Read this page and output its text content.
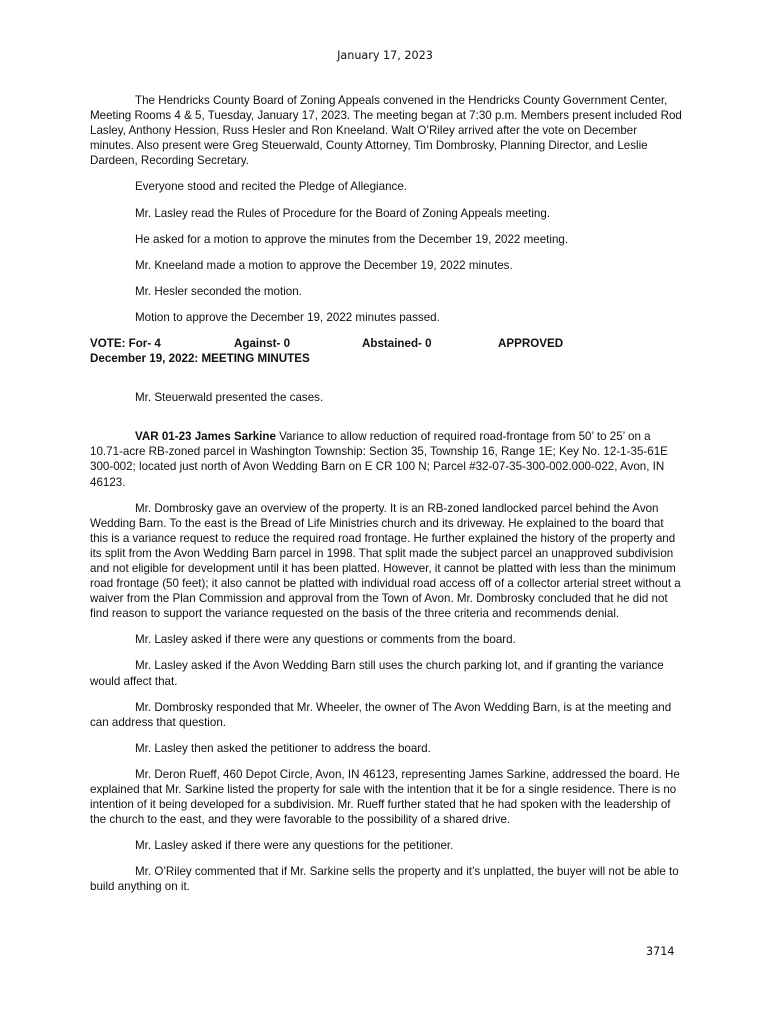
January 17, 2023

The Hendricks County Board of Zoning Appeals convened in the Hendricks County Government Center, Meeting Rooms 4 & 5, Tuesday, January 17, 2023. The meeting began at 7:30 p.m. Members present included Rod Lasley, Anthony Hession, Russ Hesler and Ron Kneeland. Walt O’Riley arrived after the vote on December minutes. Also present were Greg Steuerwald, County Attorney, Tim Dombrosky, Planning Director, and Leslie Dardeen, Recording Secretary.

Everyone stood and recited the Pledge of Allegiance.

Mr. Lasley read the Rules of Procedure for the Board of Zoning Appeals meeting.

He asked for a motion to approve the minutes from the December 19, 2022 meeting.

Mr. Kneeland made a motion to approve the December 19, 2022 minutes.

Mr. Hesler seconded the motion.

Motion to approve the December 19, 2022 minutes passed.

VOTE: For- 4	Against- 0	Abstained- 0	APPROVED

December 19, 2022: MEETING MINUTES

Mr. Steuerwald presented the cases.

VAR 01-23 James Sarkine Variance to allow reduction of required road-frontage from 50’ to 25’ on a 10.71-acre RB-zoned parcel in Washington Township: Section 35, Township 16, Range 1E; Key No. 12-1-35-61E 300-002; located just north of Avon Wedding Barn on E CR 100 N; Parcel #32-07-35-300-002.000-022, Avon, IN 46123.

Mr. Dombrosky gave an overview of the property. It is an RB-zoned landlocked parcel behind the Avon Wedding Barn. To the east is the Bread of Life Ministries church and its driveway. He explained to the board that this is a variance request to reduce the required road frontage. He further explained the history of the property and its split from the Avon Wedding Barn parcel in 1998. That split made the subject parcel an unapproved subdivision and not eligible for development until it has been platted. However, it cannot be platted with less than the minimum road frontage (50 feet); it also cannot be platted with individual road access off of a collector arterial street without a waiver from the Plan Commission and approval from the Town of Avon. Mr. Dombrosky concluded that he did not find reason to support the variance requested on the basis of the three criteria and recommends denial.

Mr. Lasley asked if there were any questions or comments from the board.

Mr. Lasley asked if the Avon Wedding Barn still uses the church parking lot, and if granting the variance would affect that.

Mr. Dombrosky responded that Mr. Wheeler, the owner of The Avon Wedding Barn, is at the meeting and can address that question.

Mr. Lasley then asked the petitioner to address the board.

Mr. Deron Rueff, 460 Depot Circle, Avon, IN 46123, representing James Sarkine, addressed the board. He explained that Mr. Sarkine listed the property for sale with the intention that it be for a single residence. There is no intention of it being developed for a subdivision. Mr. Rueff further stated that he had spoken with the leadership of the church to the east, and they were favorable to the possibility of a shared drive.

Mr. Lasley asked if there were any questions for the petitioner.

Mr. O’Riley commented that if Mr. Sarkine sells the property and it’s unplatted, the buyer will not be able to build anything on it.

3714
